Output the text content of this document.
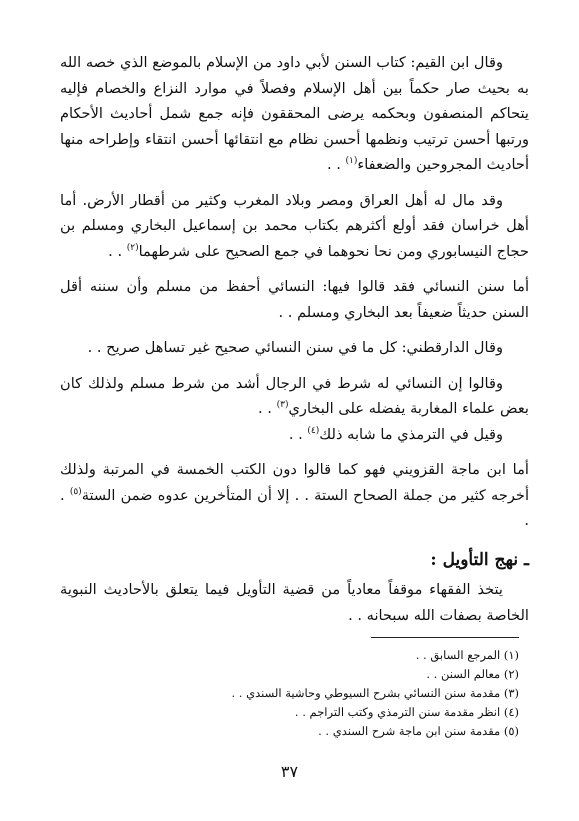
وقال ابن القيم: كتاب السنن لأبي داود من الإسلام بالموضع الذي خصه الله به بحيث صار حكماً بين أهل الإسلام وفصلاً في موارد النزاع والخصام فإليه يتحاكم المنصفون وبحكمه يرضى المحققون فإنه جمع شمل أحاديث الأحكام ورتبها أحسن ترتيب ونظمها أحسن نظام مع انتقائها أحسن انتقاء وإطراحه منها أحاديث المجروحين والضعفاء$^{(١)}$ . .

وقد مال له أهل العراق ومصر وبلاد المغرب وكثير من أقطار الأرض. أما أهل خراسان فقد أولع أكثرهم بكتاب محمد بن إسماعيل البخاري ومسلم بن حجاج النيسابوري ومن نحا نحوهما في جمع الصحيح على شرطهما$^{(٢)}$ . .

أما سنن النسائي فقد قالوا فيها: النسائي أحفظ من مسلم وأن سننه أقل السنن حديثاً ضعيفاً بعد البخاري ومسلم . .

وقال الدارقطني: كل ما في سنن النسائي صحيح غير تساهل صريح . .

وقالوا إن النسائي له شرط في الرجال أشد من شرط مسلم ولذلك كان بعض علماء المغاربة يفضله على البخاري$^{(٣)}$ . .

وقيل في الترمذي ما شابه ذلك$^{(٤)}$ . .

أما ابن ماجة القزويني فهو كما قالوا دون الكتب الخمسة في المرتبة ولذلك أخرجه كثير من جملة الصحاح الستة . . إلا أن المتأخرين عدوه ضمن الستة$^{(٥)}$ . .

ـ نهج التأويل :

يتخذ الفقهاء موقفاً معادياً من قضية التأويل فيما يتعلق بالأحاديث النبوية الخاصة بصفات الله سبحانه . .

(١) المرجع السابق . .
(٢) معالم السنن . .
(٣) مقدمة سنن النسائي بشرح السيوطي وحاشية السندي . .
(٤) انظر مقدمة سنن الترمذي وكتب التراجم . .
(٥) مقدمة سنن ابن ماجة شرح السندي . .
٣٧
